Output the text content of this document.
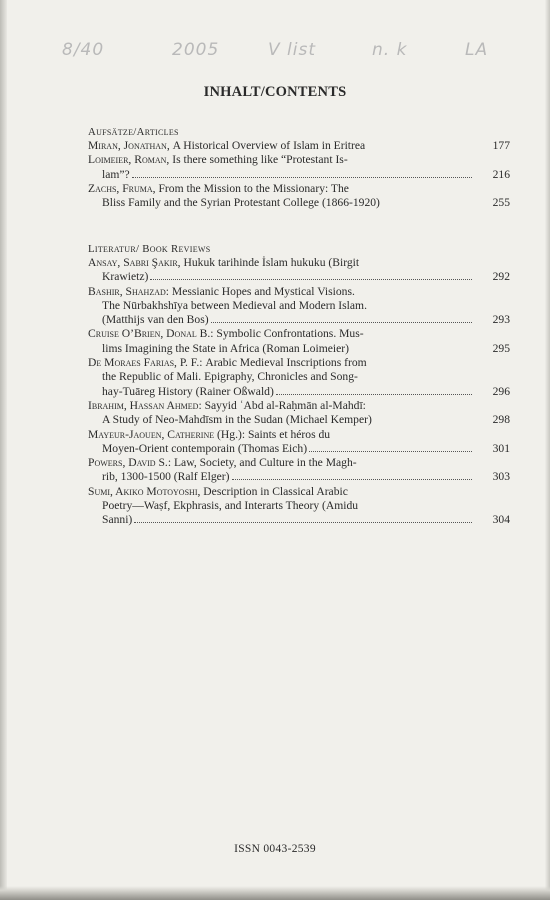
8/40	2005	V list	n. k	LA
INHALT/CONTENTS
Aufsätze/Articles
Miran, Jonathan,
A Historical Overview of Islam in Eritrea	177
Loimeier, Roman,
Is there something like “Protestant Is-
lam”?	216
Zachs, Fruma,
From the Mission to the Missionary: The
Bliss Family and the Syrian Protestant College (1866-1920)	255
Literatur/ Book Reviews
Ansay, Sabri Şakir,
Hukuk tarihinde İslam hukuku (Birgit
Krawietz)	292
Bashir, Shahzad:
Messianic Hopes and Mystical Visions.
The Nūrbakhshīya between Medieval and Modern Islam.
(Matthijs van den Bos)	293
Cruise O’Brien, Donal B.:
Symbolic Confrontations. Mus-
lims Imagining the State in Africa (Roman Loimeier)	295
De Moraes Farias, P. F.:
Arabic Medieval Inscriptions from
the Republic of Mali. Epigraphy, Chronicles and Song-
hay-Tuāreg History (Rainer Oßwald)	296
Ibrahim, Hassan Ahmed:
Sayyid ʿAbd al-Raḥmān al-Mahdī:
A Study of Neo-Mahdīsm in the Sudan (Michael Kemper)	298
Mayeur-Jaouen, Catherine
(Hg.): Saints et héros du
Moyen-Orient contemporain (Thomas Eich)	301
Powers, David S.:
Law, Society, and Culture in the Magh-
rib, 1300-1500 (Ralf Elger)	303
Sumi, Akiko Motoyoshi,
Description in Classical Arabic
Poetry—Waṣf, Ekphrasis, and Interarts Theory (Amidu
Sanni)	304
ISSN 0043-2539
